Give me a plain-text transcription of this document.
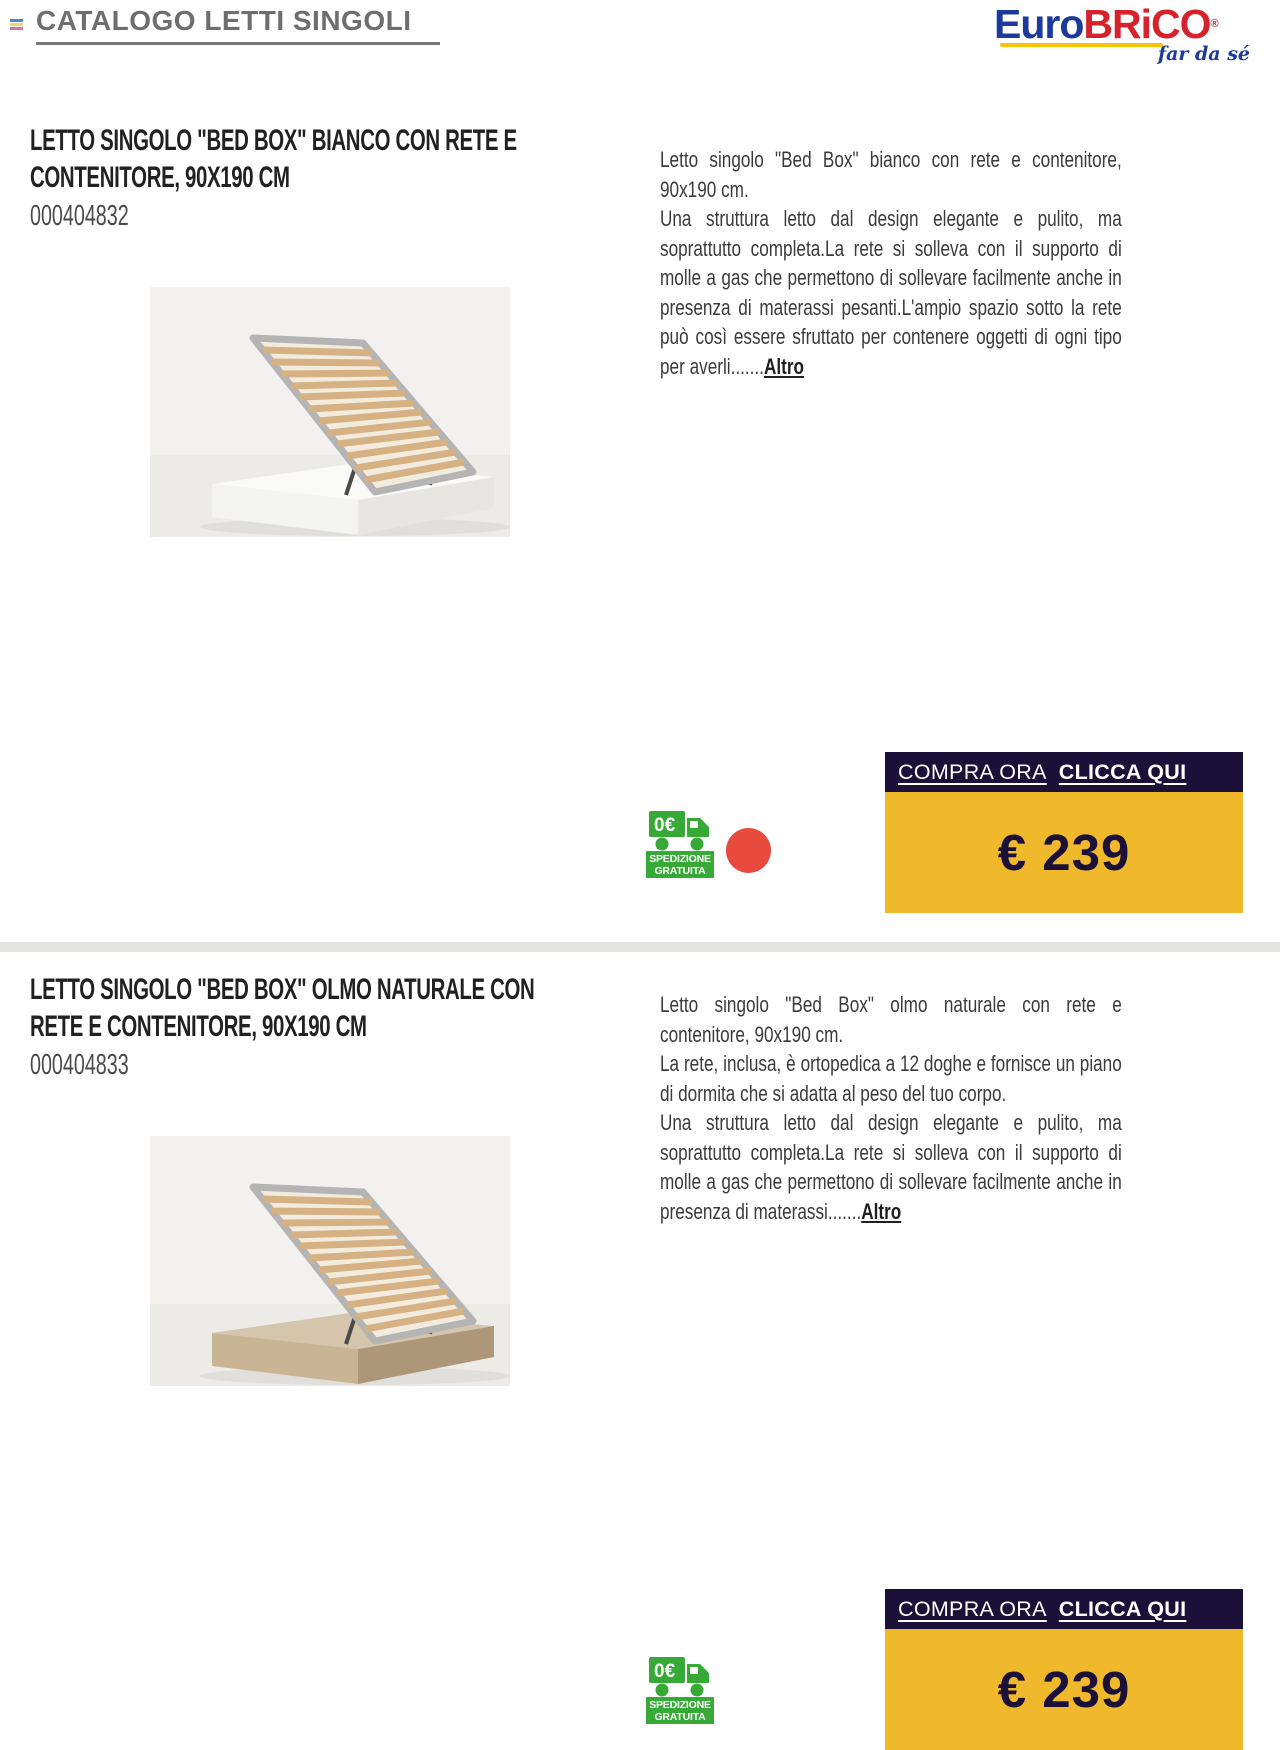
CATALOGO LETTI SINGOLI	EuroBRiCO®
far da sé
LETTO SINGOLO "BED BOX" BIANCO CON RETE E CONTENITORE, 90X190 CM
000404832
Letto singolo "Bed Box" bianco con rete e contenitore, 90x190 cm.
Una struttura letto dal design elegante e pulito, ma soprattutto completa.La rete si solleva con il supporto di molle a gas che permettono di sollevare facilmente anche in presenza di materassi pesanti.L'ampio spazio sotto la rete può così essere sfruttato per contenere oggetti di ogni tipo per averli.......Altro
0€
SPEDIZIONE
GRATUITA
COMPRA ORA CLICCA QUI
€ 239
LETTO SINGOLO "BED BOX" OLMO NATURALE CON RETE E CONTENITORE, 90X190 CM
000404833
Letto singolo "Bed Box" olmo naturale con rete e contenitore, 90x190 cm.
La rete, inclusa, è ortopedica a 12 doghe e fornisce un piano di dormita che si adatta al peso del tuo corpo.
Una struttura letto dal design elegante e pulito, ma soprattutto completa.La rete si solleva con il supporto di molle a gas che permettono di sollevare facilmente anche in presenza di materassi.......Altro
COMPRA ORA CLICCA QUI
€ 239
0€
SPEDIZIONE
GRATUITA
